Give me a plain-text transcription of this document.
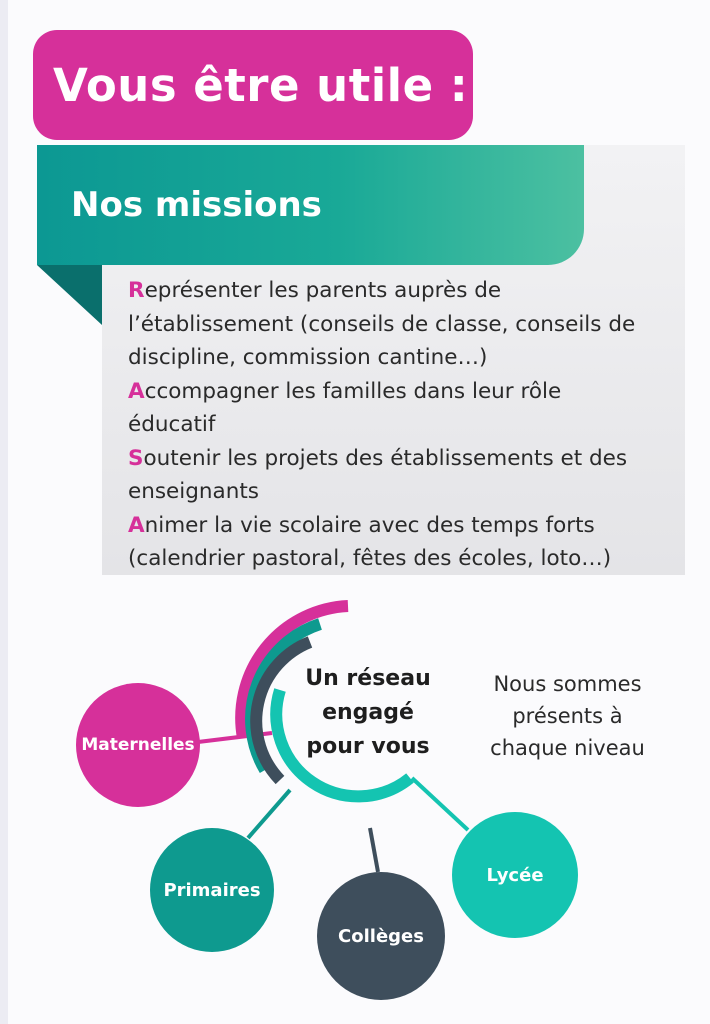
Vous être utile :
Nos missions
Représenter les parents auprès de
l’établissement (conseils de classe, conseils de
discipline, commission cantine…)
Accompagner les familles dans leur rôle
éducatif
Soutenir les projets des établissements et des
enseignants
Animer la vie scolaire avec des temps forts
(calendrier pastoral, fêtes des écoles, loto…)
Un réseau
engagé
pour vous
Nous sommes
présents à
chaque niveau
Maternelles
Primaires
Collèges
Lycée
